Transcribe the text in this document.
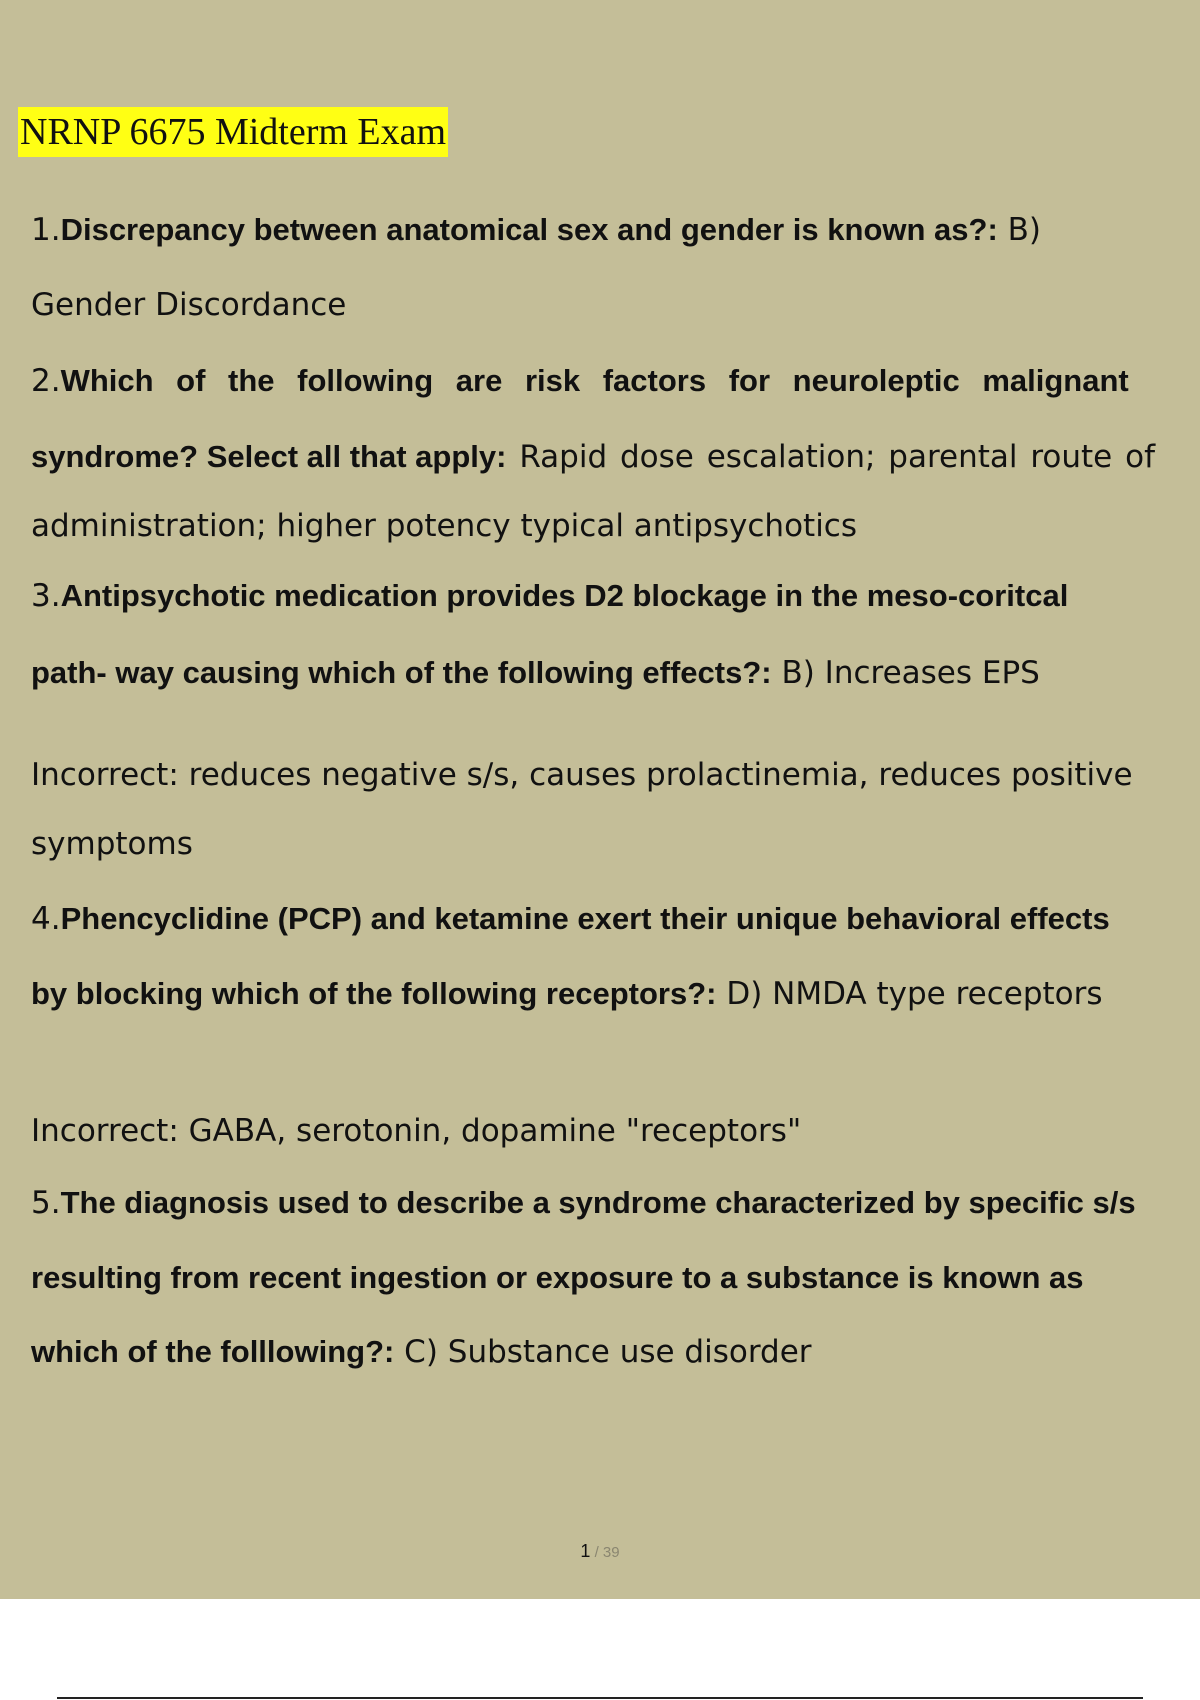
NRNP 6675 Midterm Exam

1.Discrepancy between anatomical sex and gender is known as?: B)

Gender Discordance

2.Which of the following are risk factors for neuroleptic malignant

syndrome? Select all that apply: Rapid dose escalation; parental route of

administration; higher potency typical antipsychotics

3.Antipsychotic medication provides D2 blockage in the meso-coritcal

path- way causing which of the following effects?: B) Increases EPS

Incorrect: reduces negative s/s, causes prolactinemia, reduces positive

symptoms

4.Phencyclidine (PCP) and ketamine exert their unique behavioral effects

by blocking which of the following receptors?: D) NMDA type receptors

Incorrect: GABA, serotonin, dopamine "receptors"

5.The diagnosis used to describe a syndrome characterized by specific s/s

resulting from recent ingestion or exposure to a substance is known as

which of the folllowing?: C) Substance use disorder

1 / 39
